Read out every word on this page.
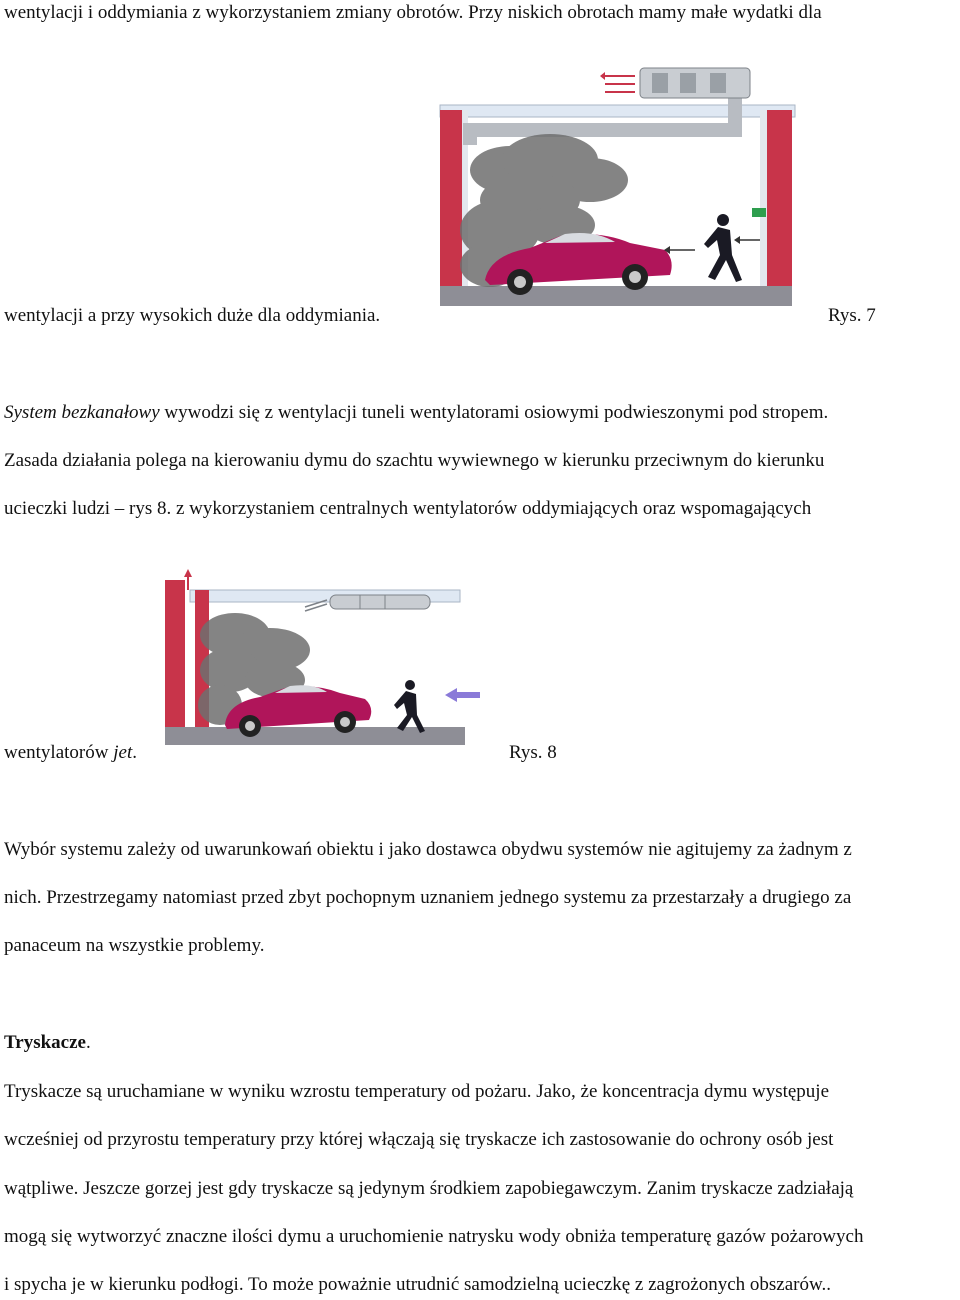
wentylacji i oddymiania z wykorzystaniem zmiany obrotów. Przy niskich obrotach mamy małe wydatki dla
wentylacji a przy wysokich duże dla oddymiania.	Rys. 7
System bezkanałowy wywodzi się z wentylacji tuneli wentylatorami osiowymi podwieszonymi pod stropem.
Zasada działania polega na kierowaniu dymu do szachtu wywiewnego w kierunku przeciwnym do kierunku
ucieczki ludzi – rys 8. z wykorzystaniem centralnych wentylatorów oddymiających oraz wspomagających
wentylatorów jet.	Rys. 8
Wybór systemu zależy od uwarunkowań obiektu i jako dostawca obydwu systemów nie agitujemy za żadnym z
nich. Przestrzegamy natomiast przed zbyt pochopnym uznaniem jednego systemu za przestarzały a drugiego za
panaceum na wszystkie problemy.
Tryskacze.
Tryskacze są uruchamiane w wyniku wzrostu temperatury od pożaru. Jako, że koncentracja dymu występuje
wcześniej od przyrostu temperatury przy której włączają się tryskacze ich zastosowanie do ochrony osób jest
wątpliwe. Jeszcze gorzej jest gdy tryskacze są jedynym środkiem zapobiegawczym. Zanim tryskacze zadziałają
mogą się wytworzyć znaczne ilości dymu a uruchomienie natrysku wody obniża temperaturę gazów pożarowych
i spycha je w kierunku podłogi. To może poważnie utrudnić samodzielną ucieczkę z zagrożonych obszarów..
